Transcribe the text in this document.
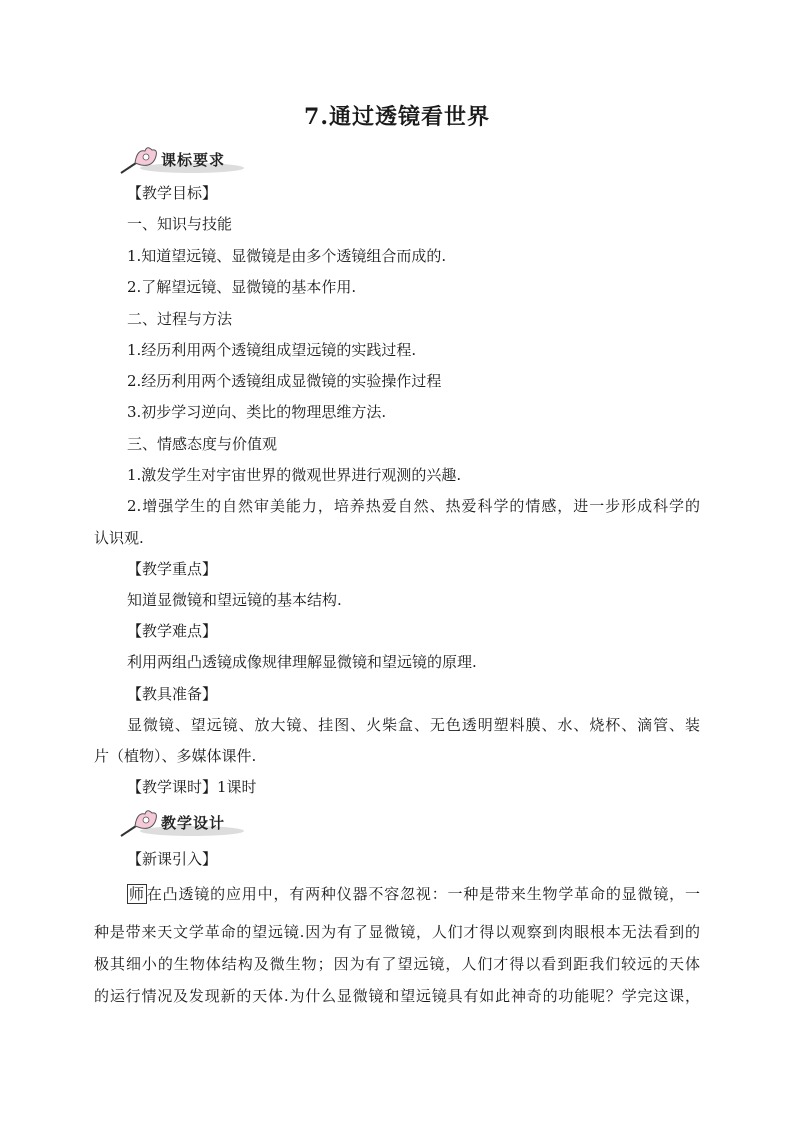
7.通过透镜看世界
课标要求
【教学目标】
一、知识与技能
1.知道望远镜、显微镜是由多个透镜组合而成的.
2.了解望远镜、显微镜的基本作用.
二、过程与方法
1.经历利用两个透镜组成望远镜的实践过程.
2.经历利用两个透镜组成显微镜的实验操作过程
3.初步学习逆向、类比的物理思维方法.
三、情感态度与价值观
1.激发学生对宇宙世界的微观世界进行观测的兴趣.
2.增强学生的自然审美能力，培养热爱自然、热爱科学的情感，进一步形成科学的
认识观.
【教学重点】
知道显微镜和望远镜的基本结构.
【教学难点】
利用两组凸透镜成像规律理解显微镜和望远镜的原理.
【教具准备】
显微镜、望远镜、放大镜、挂图、火柴盒、无色透明塑料膜、水、烧杯、滴管、装
片（植物）、多媒体课件.
【教学课时】1课时
教学设计
【新课引入】
师 在凸透镜的应用中，有两种仪器不容忽视：一种是带来生物学革命的显微镜，一
种是带来天文学革命的望远镜.因为有了显微镜，人们才得以观察到肉眼根本无法看到的
极其细小的生物体结构及微生物；因为有了望远镜，人们才得以看到距我们较远的天体
的运行情况及发现新的天体.为什么显微镜和望远镜具有如此神奇的功能呢？学完这课，
